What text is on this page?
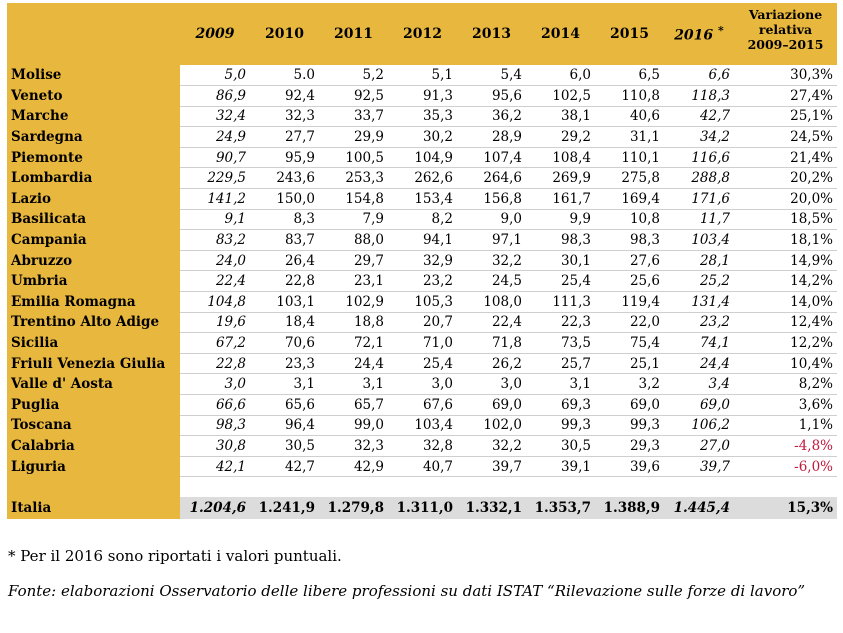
	2009	2010	2011	2012	2013	2014	2015	2016 *	Variazione
relativa
2009–2015

Molise	5,0	5.0	5,2	5,1	5,4	6,0	6,5	6,6	30,3%
Veneto	86,9	92,4	92,5	91,3	95,6	102,5	110,8	118,3	27,4%
Marche	32,4	32,3	33,7	35,3	36,2	38,1	40,6	42,7	25,1%
Sardegna	24,9	27,7	29,9	30,2	28,9	29,2	31,1	34,2	24,5%
Piemonte	90,7	95,9	100,5	104,9	107,4	108,4	110,1	116,6	21,4%
Lombardia	229,5	243,6	253,3	262,6	264,6	269,9	275,8	288,8	20,2%
Lazio	141,2	150,0	154,8	153,4	156,8	161,7	169,4	171,6	20,0%
Basilicata	9,1	8,3	7,9	8,2	9,0	9,9	10,8	11,7	18,5%
Campania	83,2	83,7	88,0	94,1	97,1	98,3	98,3	103,4	18,1%
Abruzzo	24,0	26,4	29,7	32,9	32,2	30,1	27,6	28,1	14,9%
Umbria	22,4	22,8	23,1	23,2	24,5	25,4	25,6	25,2	14,2%
Emilia Romagna	104,8	103,1	102,9	105,3	108,0	111,3	119,4	131,4	14,0%
Trentino Alto Adige	19,6	18,4	18,8	20,7	22,4	22,3	22,0	23,2	12,4%
Sicilia	67,2	70,6	72,1	71,0	71,8	73,5	75,4	74,1	12,2%
Friuli Venezia Giulia	22,8	23,3	24,4	25,4	26,2	25,7	25,1	24,4	10,4%
Valle d' Aosta	3,0	3,1	3,1	3,0	3,0	3,1	3,2	3,4	8,2%
Puglia	66,6	65,6	65,7	67,6	69,0	69,3	69,0	69,0	3,6%
Toscana	98,3	96,4	99,0	103,4	102,0	99,3	99,3	106,2	1,1%
Calabria	30,8	30,5	32,3	32,8	32,2	30,5	29,3	27,0	-4,8%
Liguria	42,1	42,7	42,9	40,7	39,7	39,1	39,6	39,7	-6,0%

Italia	1.204,6	1.241,9	1.279,8	1.311,0	1.332,1	1.353,7	1.388,9	1.445,4	15,3%
* Per il 2016 sono riportati i valori puntuali.
Fonte: elaborazioni Osservatorio delle libere professioni su dati ISTAT “Rilevazione sulle forze di lavoro”
